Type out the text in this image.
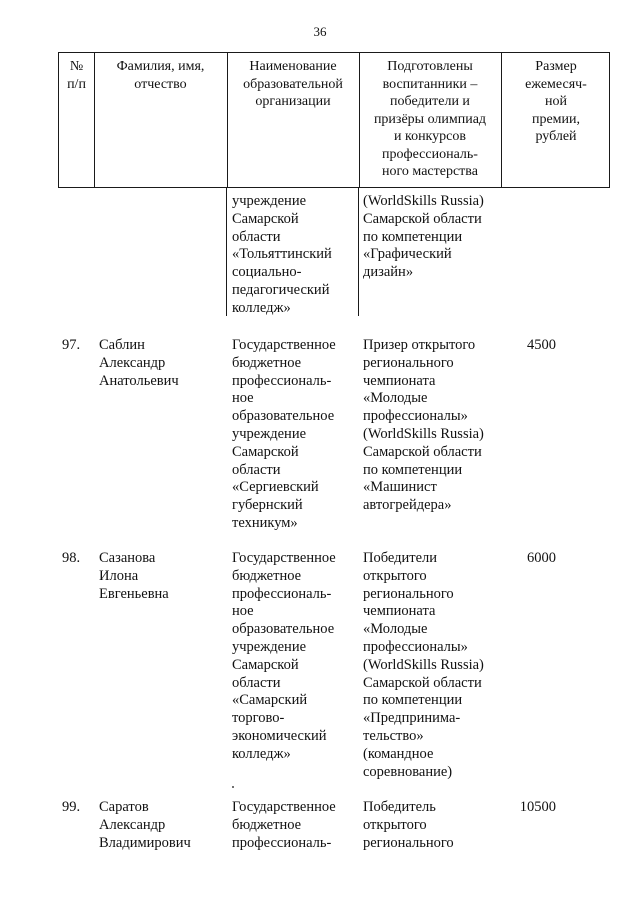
36
№
п/п
Фамилия, имя,
отчество
Наименование
образовательной
организации
Подготовлены
воспитанники –
победители и
призёры олимпиад
и конкурсов
профессиональ-
ного мастерства
Размер
ежемесяч-
ной
премии,
рублей
учреждение
Самарской
области
«Тольяттинский
социально-
педагогический
колледж»
(WorldSkills Russia)
Самарской области
по компетенции
«Графический
дизайн»
97. Саблин
Александр
Анатольевич
Государственное
бюджетное
профессиональ-
ное
образовательное
учреждение
Самарской
области
«Сергиевский
губернский
техникум»
Призер открытого
регионального
чемпионата
«Молодые
профессионалы»
(WorldSkills Russia)
Самарской области
по компетенции
«Машинист
автогрейдера»
4500
98. Сазанова
Илона
Евгеньевна
Государственное
бюджетное
профессиональ-
ное
образовательное
учреждение
Самарской
области
«Самарский
торгово-
экономический
колледж»
Победители
открытого
регионального
чемпионата
«Молодые
профессионалы»
(WorldSkills Russia)
Самарской области
по компетенции
«Предпринима-
тельство»
(командное
соревнование)
6000
99. Саратов
Александр
Владимирович
Государственное
бюджетное
профессиональ-
Победитель
открытого
регионального
10500
